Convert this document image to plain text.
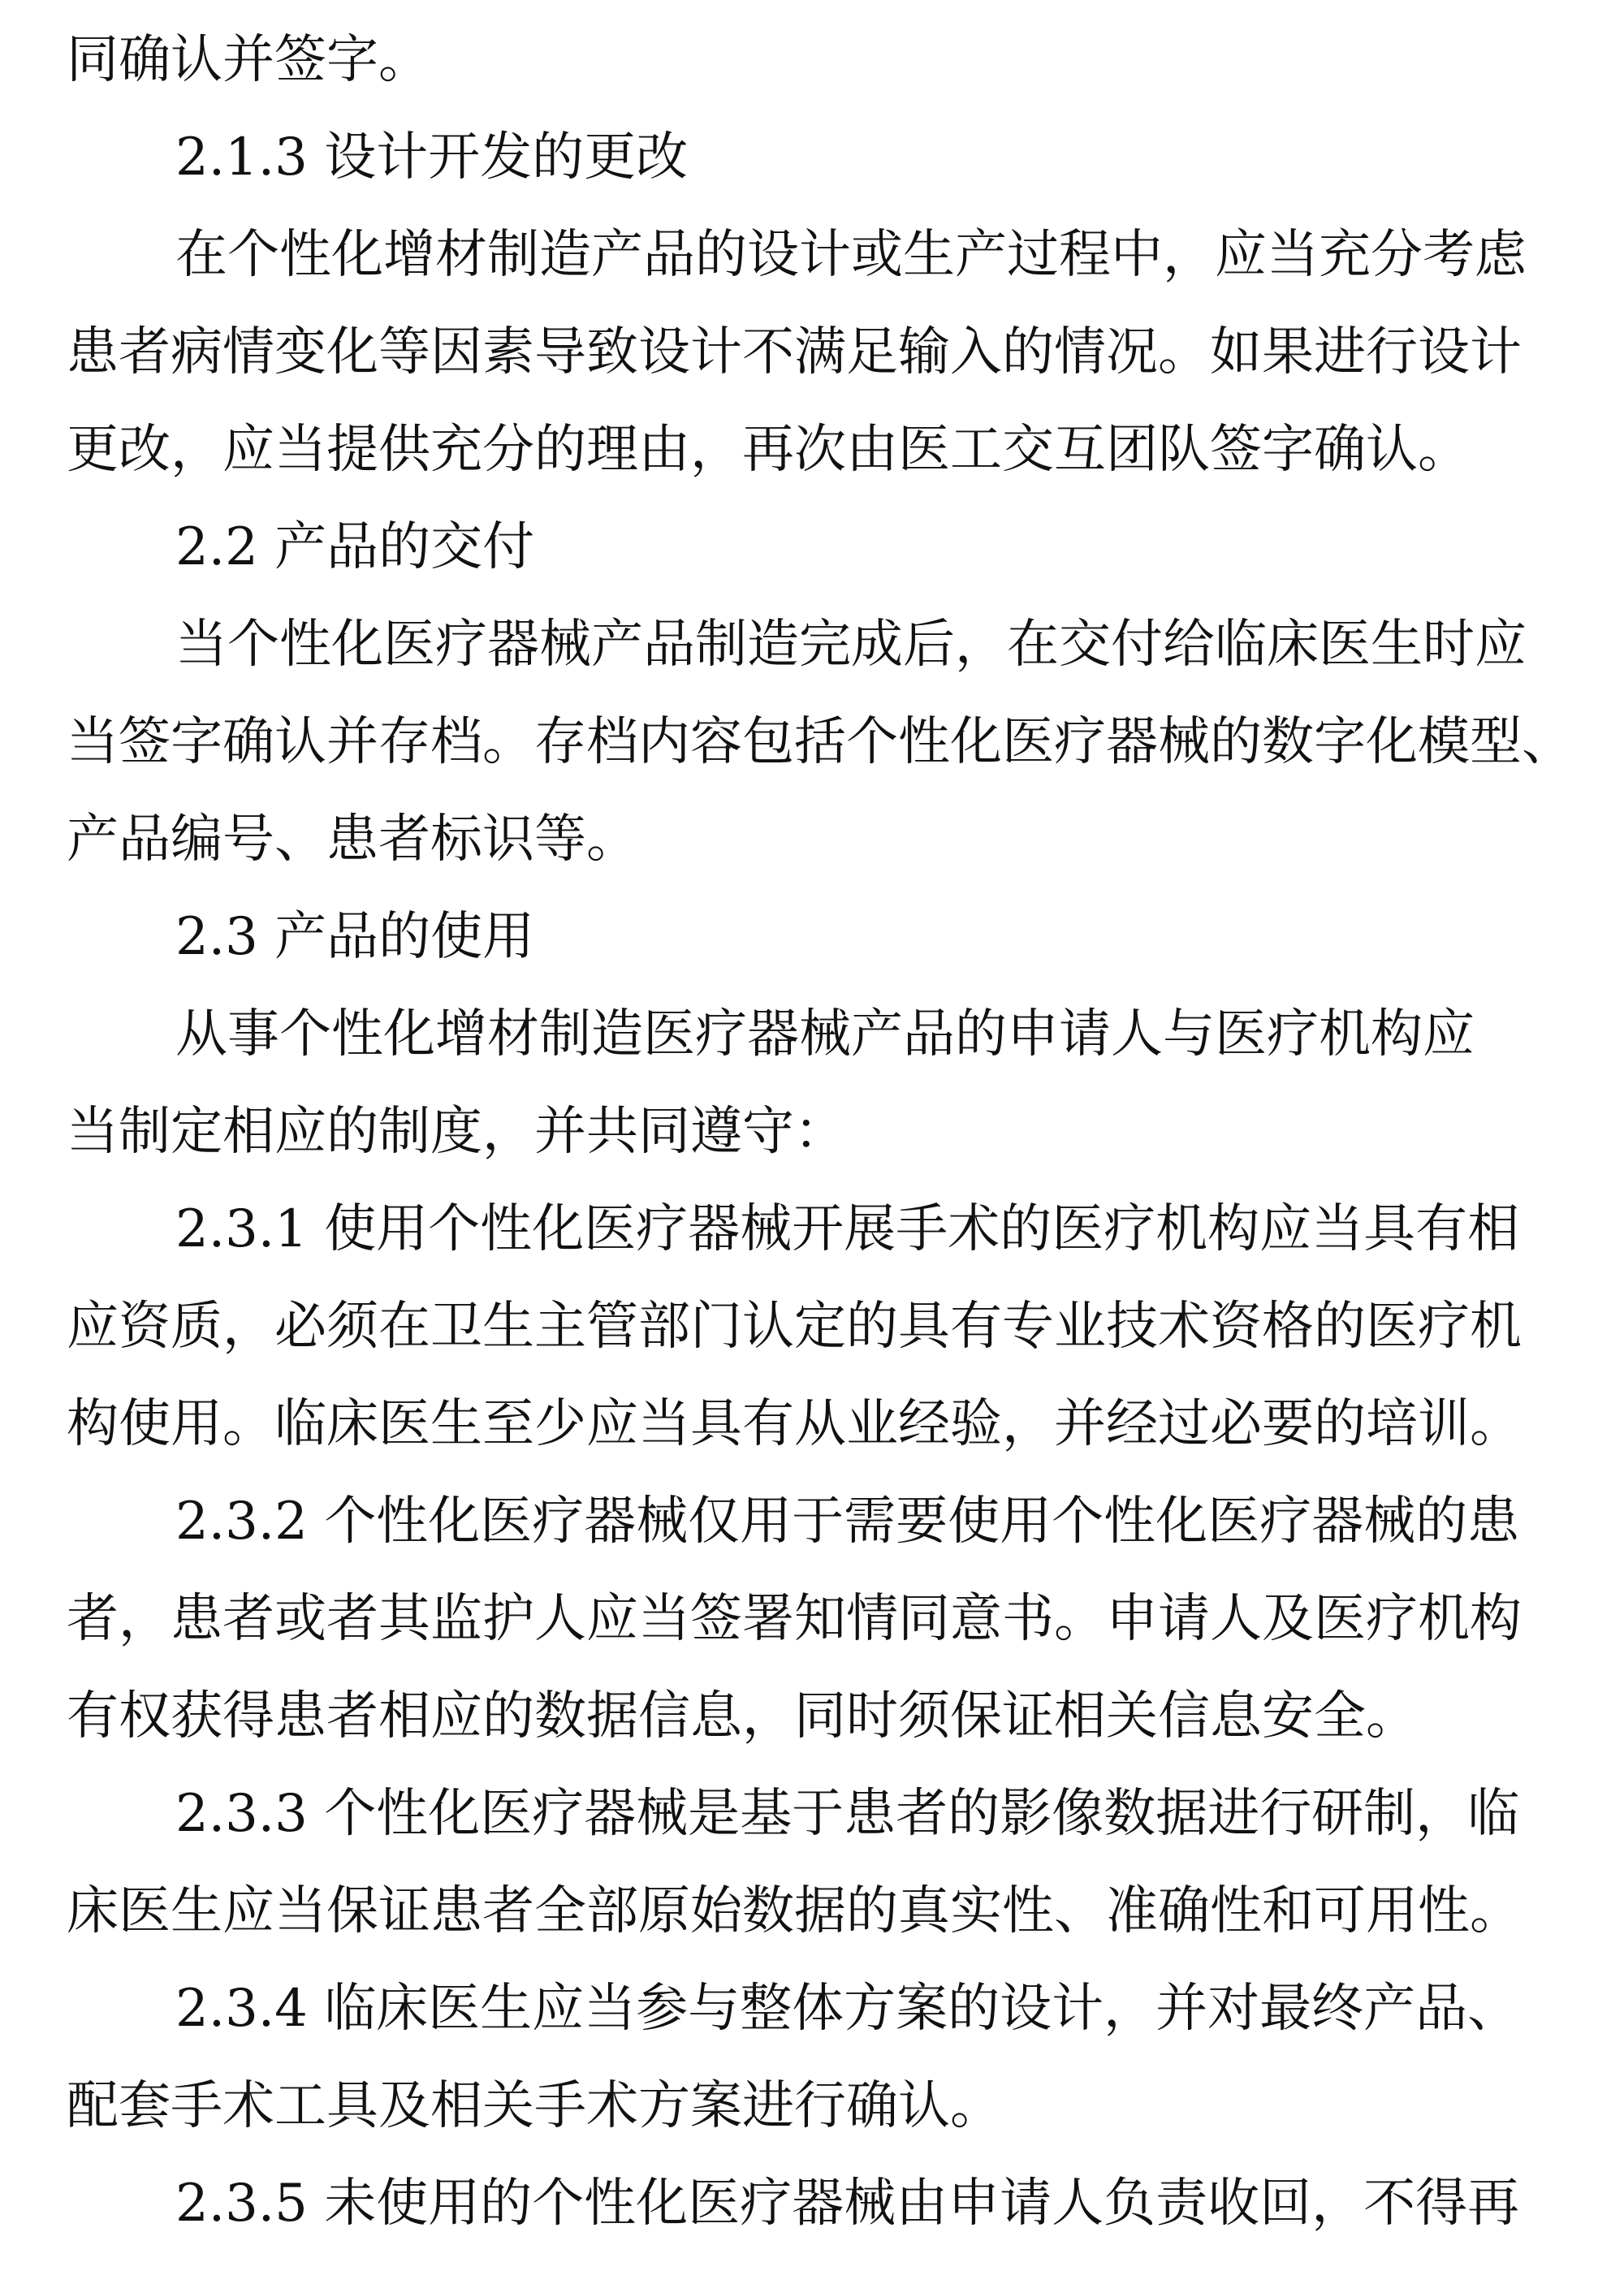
同确认并签字。
2.1.3 设计开发的更改
在个性化增材制造产品的设计或生产过程中，应当充分考虑
患者病情变化等因素导致设计不满足输入的情况。如果进行设计
更改，应当提供充分的理由，再次由医工交互团队签字确认。
2.2 产品的交付
当个性化医疗器械产品制造完成后，在交付给临床医生时应
当签字确认并存档。存档内容包括个性化医疗器械的数字化模型、
产品编号、患者标识等。
2.3 产品的使用
从事个性化增材制造医疗器械产品的申请人与医疗机构应
当制定相应的制度，并共同遵守：
2.3.1 使用个性化医疗器械开展手术的医疗机构应当具有相
应资质，必须在卫生主管部门认定的具有专业技术资格的医疗机
构使用。临床医生至少应当具有从业经验，并经过必要的培训。
2.3.2 个性化医疗器械仅用于需要使用个性化医疗器械的患
者，患者或者其监护人应当签署知情同意书。申请人及医疗机构
有权获得患者相应的数据信息，同时须保证相关信息安全。
2.3.3 个性化医疗器械是基于患者的影像数据进行研制，临
床医生应当保证患者全部原始数据的真实性、准确性和可用性。
2.3.4 临床医生应当参与整体方案的设计，并对最终产品、
配套手术工具及相关手术方案进行确认。
2.3.5 未使用的个性化医疗器械由申请人负责收回，不得再
